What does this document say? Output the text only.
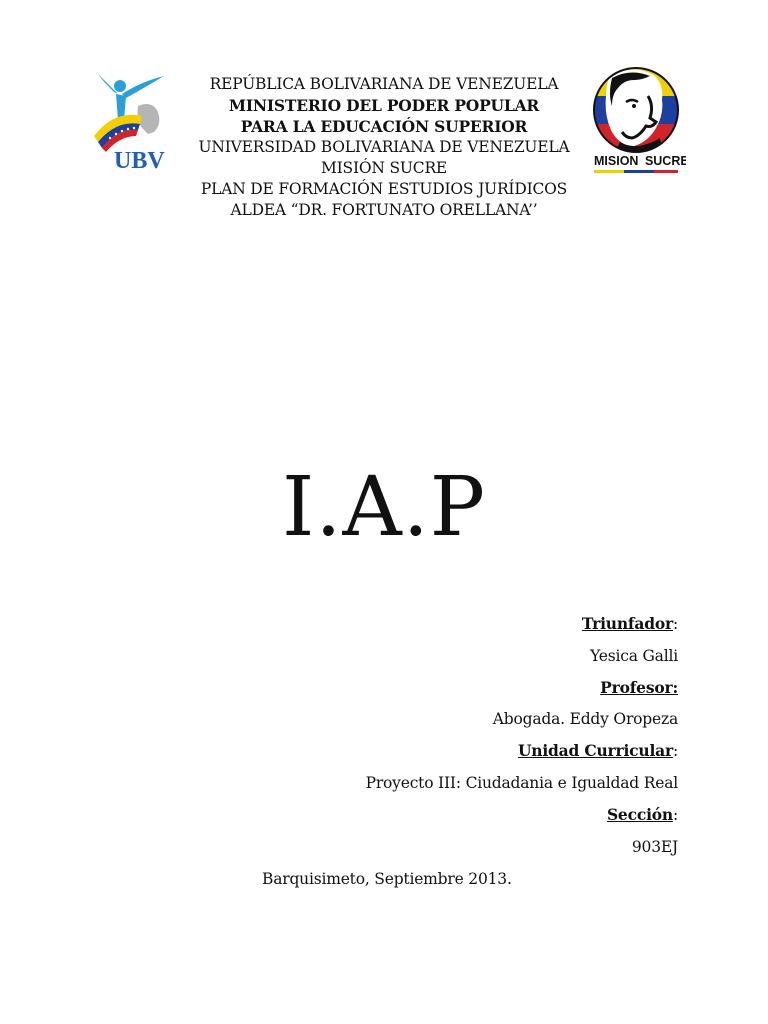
UBV
REPÚBLICA BOLIVARIANA DE VENEZUELA
MINISTERIO DEL PODER POPULAR
PARA LA EDUCACIÓN SUPERIOR
UNIVERSIDAD BOLIVARIANA DE VENEZUELA
MISIÓN SUCRE
PLAN DE FORMACIÓN ESTUDIOS JURÍDICOS
ALDEA “DR. FORTUNATO ORELLANA’’
MISION SUCRE
I.A.P
Triunfador:
Yesica Galli
Profesor:
Abogada. Eddy Oropeza
Unidad Curricular:
Proyecto III: Ciudadania e Igualdad Real
Sección:
903EJ
Barquisimeto, Septiembre 2013.
